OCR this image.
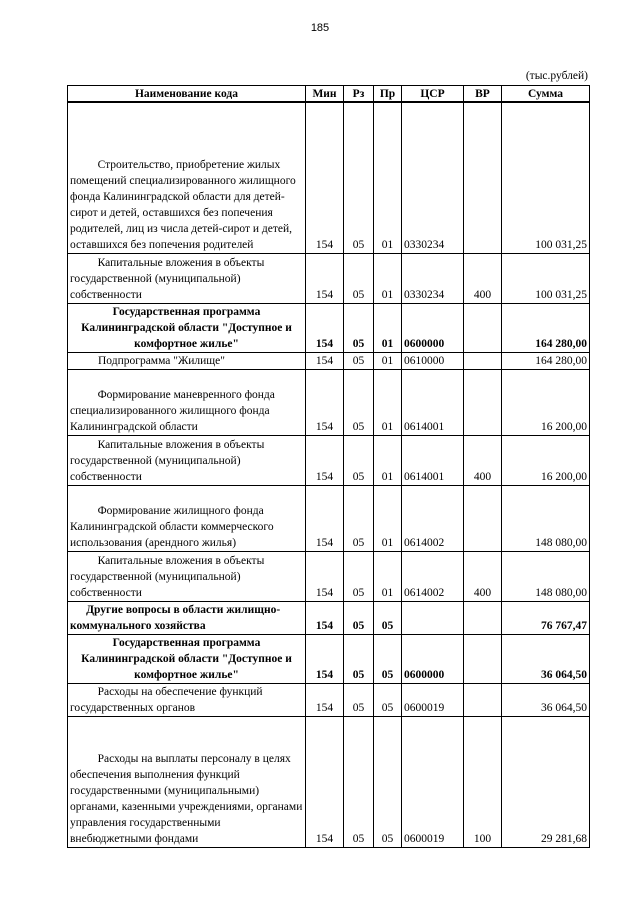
185
(тыс.рублей)
Наименование кода	Мин	Рз	Пр	ЦСР	ВР	Сумма
Строительство, приобретение жилых помещений специализированного жилищного фонда Калининградской области для детей-сирот и детей, оставшихся без попечения родителей, лиц из числа детей-сирот и детей, оставшихся без попечения родителей	154	05	01	0330234		100 031,25
Капитальные вложения в объекты государственной (муниципальной) собственности	154	05	01	0330234	400	100 031,25
Государственная программа Калининградской области "Доступное и комфортное жилье"	154	05	01	0600000		164 280,00
Подпрограмма "Жилище"	154	05	01	0610000		164 280,00
Формирование маневренного фонда специализированного жилищного фонда Калининградской области	154	05	01	0614001		16 200,00
Капитальные вложения в объекты государственной (муниципальной) собственности	154	05	01	0614001	400	16 200,00
Формирование жилищного фонда Калининградской области коммерческого использования (арендного жилья)	154	05	01	0614002		148 080,00
Капитальные вложения в объекты государственной (муниципальной) собственности	154	05	01	0614002	400	148 080,00
Другие вопросы в области жилищно-коммунального хозяйства	154	05	05			76 767,47
Государственная программа Калининградской области "Доступное и комфортное жилье"	154	05	05	0600000		36 064,50
Расходы на обеспечение функций государственных органов	154	05	05	0600019		36 064,50
Расходы на выплаты персоналу в целях обеспечения выполнения функций государственными (муниципальными) органами, казенными учреждениями, органами управления государственными внебюджетными фондами	154	05	05	0600019	100	29 281,68
